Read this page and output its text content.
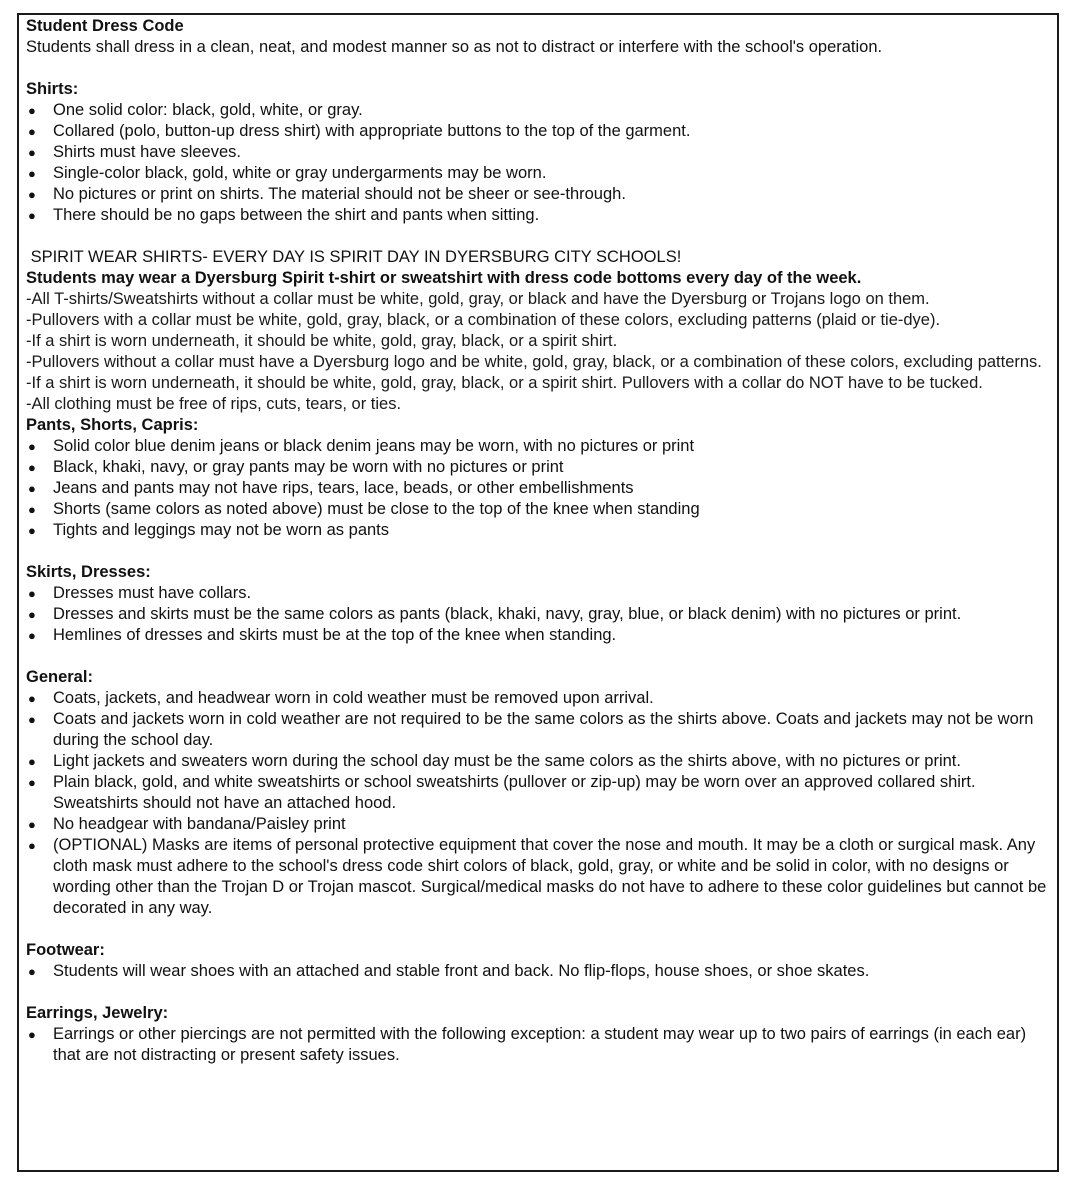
Student Dress Code

Students shall dress in a clean, neat, and modest manner so as not to distract or interfere with the school's operation.

Shirts:

● One solid color: black, gold, white, or gray.
● Collared (polo, button-up dress shirt) with appropriate buttons to the top of the garment.
● Shirts must have sleeves.
● Single-color black, gold, white or gray undergarments may be worn.
● No pictures or print on shirts. The material should not be sheer or see-through.
● There should be no gaps between the shirt and pants when sitting.

SPIRIT WEAR SHIRTS- EVERY DAY IS SPIRIT DAY IN DYERSBURG CITY SCHOOLS!

Students may wear a Dyersburg Spirit t-shirt or sweatshirt with dress code bottoms every day of the week.

-All T-shirts/Sweatshirts without a collar must be white, gold, gray, or black and have the Dyersburg or Trojans logo on them.

-Pullovers with a collar must be white, gold, gray, black, or a combination of these colors, excluding patterns (plaid or tie-dye).

-If a shirt is worn underneath, it should be white, gold, gray, black, or a spirit shirt.

-Pullovers without a collar must have a Dyersburg logo and be white, gold, gray, black, or a combination of these colors, excluding patterns.

-If a shirt is worn underneath, it should be white, gold, gray, black, or a spirit shirt. Pullovers with a collar do NOT have to be tucked.

-All clothing must be free of rips, cuts, tears, or ties.

Pants, Shorts, Capris:

● Solid color blue denim jeans or black denim jeans may be worn, with no pictures or print
● Black, khaki, navy, or gray pants may be worn with no pictures or print
● Jeans and pants may not have rips, tears, lace, beads, or other embellishments
● Shorts (same colors as noted above) must be close to the top of the knee when standing
● Tights and leggings may not be worn as pants

Skirts, Dresses:

● Dresses must have collars.
● Dresses and skirts must be the same colors as pants (black, khaki, navy, gray, blue, or black denim) with no pictures or print.
● Hemlines of dresses and skirts must be at the top of the knee when standing.

General:

● Coats, jackets, and headwear worn in cold weather must be removed upon arrival.
● Coats and jackets worn in cold weather are not required to be the same colors as the shirts above. Coats and jackets may not be worn during the school day.
● Light jackets and sweaters worn during the school day must be the same colors as the shirts above, with no pictures or print.
● Plain black, gold, and white sweatshirts or school sweatshirts (pullover or zip-up) may be worn over an approved collared shirt. Sweatshirts should not have an attached hood.
● No headgear with bandana/Paisley print
● (OPTIONAL) Masks are items of personal protective equipment that cover the nose and mouth. It may be a cloth or surgical mask. Any cloth mask must adhere to the school's dress code shirt colors of black, gold, gray, or white and be solid in color, with no designs or wording other than the Trojan D or Trojan mascot. Surgical/medical masks do not have to adhere to these color guidelines but cannot be decorated in any way.

Footwear:

● Students will wear shoes with an attached and stable front and back. No flip-flops, house shoes, or shoe skates.

Earrings, Jewelry:

● Earrings or other piercings are not permitted with the following exception: a student may wear up to two pairs of earrings (in each ear) that are not distracting or present safety issues.
